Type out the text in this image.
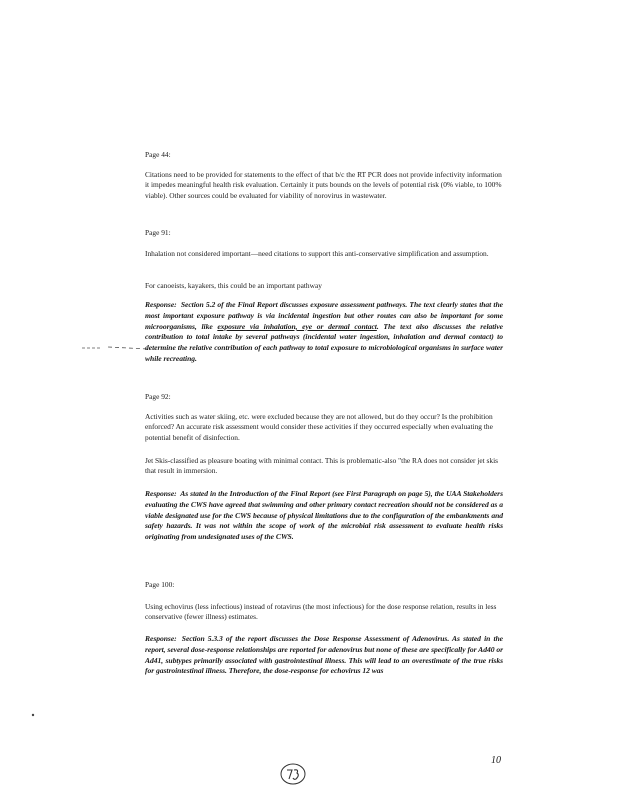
Page 44:

Citations need to be provided for statements to the effect of that b/c the RT PCR does not provide infectivity information it impedes meaningful health risk evaluation. Certainly it puts bounds on the levels of potential risk (0% viable, to 100% viable). Other sources could be evaluated for viability of norovirus in wastewater.

Page 91:

Inhalation not considered important—need citations to support this anti-conservative simplification and assumption.

For canoeists, kayakers, this could be an important pathway

Response: Section 5.2 of the Final Report discusses exposure assessment pathways. The text clearly states that the most important exposure pathway is via incidental ingestion but other routes can also be important for some microorganisms, like exposure via inhalation, eye or dermal contact. The text also discusses the relative contribution to total intake by several pathways (incidental water ingestion, inhalation and dermal contact) to determine the relative contribution of each pathway to total exposure to microbiological organisms in surface water while recreating.

Page 92:

Activities such as water skiing, etc. were excluded because they are not allowed, but do they occur? Is the prohibition enforced? An accurate risk assessment would consider these activities if they occurred especially when evaluating the potential benefit of disinfection.

Jet Skis-classified as pleasure boating with minimal contact. This is problematic-also "the RA does not consider jet skis that result in immersion.

Response: As stated in the Introduction of the Final Report (see First Paragraph on page 5), the UAA Stakeholders evaluating the CWS have agreed that swimming and other primary contact recreation should not be considered as a viable designated use for the CWS because of physical limitations due to the configuration of the embankments and safety hazards. It was not within the scope of work of the microbial risk assessment to evaluate health risks originating from undesignated uses of the CWS.

Page 100:

Using echovirus (less infectious) instead of rotavirus (the most infectious) for the dose response relation, results in less conservative (fewer illness) estimates.

Response: Section 5.3.3 of the report discusses the Dose Response Assessment of Adenovirus. As stated in the report, several dose-response relationships are reported for adenovirus but none of these are specifically for Ad40 or Ad41, subtypes primarily associated with gastrointestinal illness. This will lead to an overestimate of the true risks for gastrointestinal illness. Therefore, the dose-response for echovirus 12 was

10
